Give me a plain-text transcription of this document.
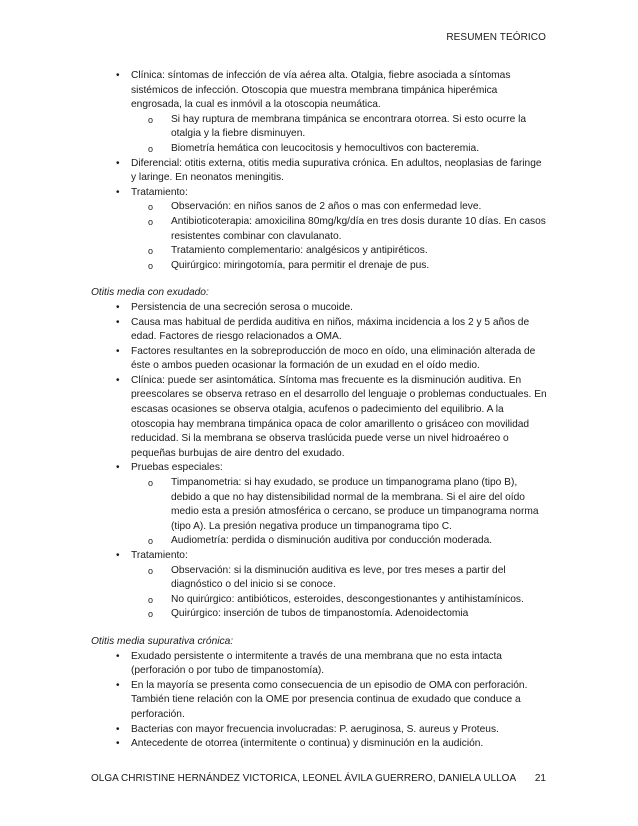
RESUMEN TEÓRICO
• Clínica: síntomas de infección de vía aérea alta. Otalgia, fiebre asociada a síntomas sistémicos de infección. Otoscopia que muestra membrana timpánica hiperémica engrosada, la cual es inmóvil a la otoscopia neumática.
o Si hay ruptura de membrana timpánica se encontrara otorrea. Si esto ocurre la otalgia y la fiebre disminuyen.
o Biometría hemática con leucocitosis y hemocultivos con bacteremia.
• Diferencial: otitis externa, otitis media supurativa crónica. En adultos, neoplasias de faringe y laringe. En neonatos meningitis.
• Tratamiento:
o Observación: en niños sanos de 2 años o mas con enfermedad leve.
o Antibioticoterapia: amoxicilina 80mg/kg/día en tres dosis durante 10 días. En casos resistentes combinar con clavulanato.
o Tratamiento complementario: analgésicos y antipiréticos.
o Quirúrgico: miringotomía, para permitir el drenaje de pus.
Otitis media con exudado:
• Persistencia de una secreción serosa o mucoide.
• Causa mas habitual de perdida auditiva en niños, máxima incidencia a los 2 y 5 años de edad. Factores de riesgo relacionados a OMA.
• Factores resultantes en la sobreproducción de moco en oído, una eliminación alterada de éste o ambos pueden ocasionar la formación de un exudad en el oído medio.
• Clínica: puede ser asintomática. Síntoma mas frecuente es la disminución auditiva. En preescolares se observa retraso en el desarrollo del lenguaje o problemas conductuales. En escasas ocasiones se observa otalgia, acufenos o padecimiento del equilibrio. A la otoscopia hay membrana timpánica opaca de color amarillento o grisáceo con movilidad reducidad. Si la membrana se observa traslúcida puede verse un nivel hidroaéreo o pequeñas burbujas de aire dentro del exudado.
• Pruebas especiales:
o Timpanometria: si hay exudado, se produce un timpanograma plano (tipo B), debido a que no hay distensibilidad normal de la membrana. Si el aire del oído medio esta a presión atmosférica o cercano, se produce un timpanograma norma (tipo A). La presión negativa produce un timpanograma tipo C.
o Audiometría: perdida o disminución auditiva por conducción moderada.
• Tratamiento:
o Observación: si la disminución auditiva es leve, por tres meses a partir del diagnóstico o del inicio si se conoce.
o No quirúrgico: antibióticos, esteroides, descongestionantes y antihistamínicos.
o Quirúrgico: inserción de tubos de timpanostomía. Adenoidectomia
Otitis media supurativa crónica:
• Exudado persistente o intermitente a través de una membrana que no esta intacta (perforación o por tubo de timpanostomía).
• En la mayoría se presenta como consecuencia de un episodio de OMA con perforación. También tiene relación con la OME por presencia continua de exudado que conduce a perforación.
• Bacterias con mayor frecuencia involucradas: P. aeruginosa, S. aureus y Proteus.
• Antecedente de otorrea (intermitente o continua) y disminución en la audición.
OLGA CHRISTINE HERNÁNDEZ VICTORICA, LEONEL ÁVILA GUERRERO, DANIELA ULLOA 21
